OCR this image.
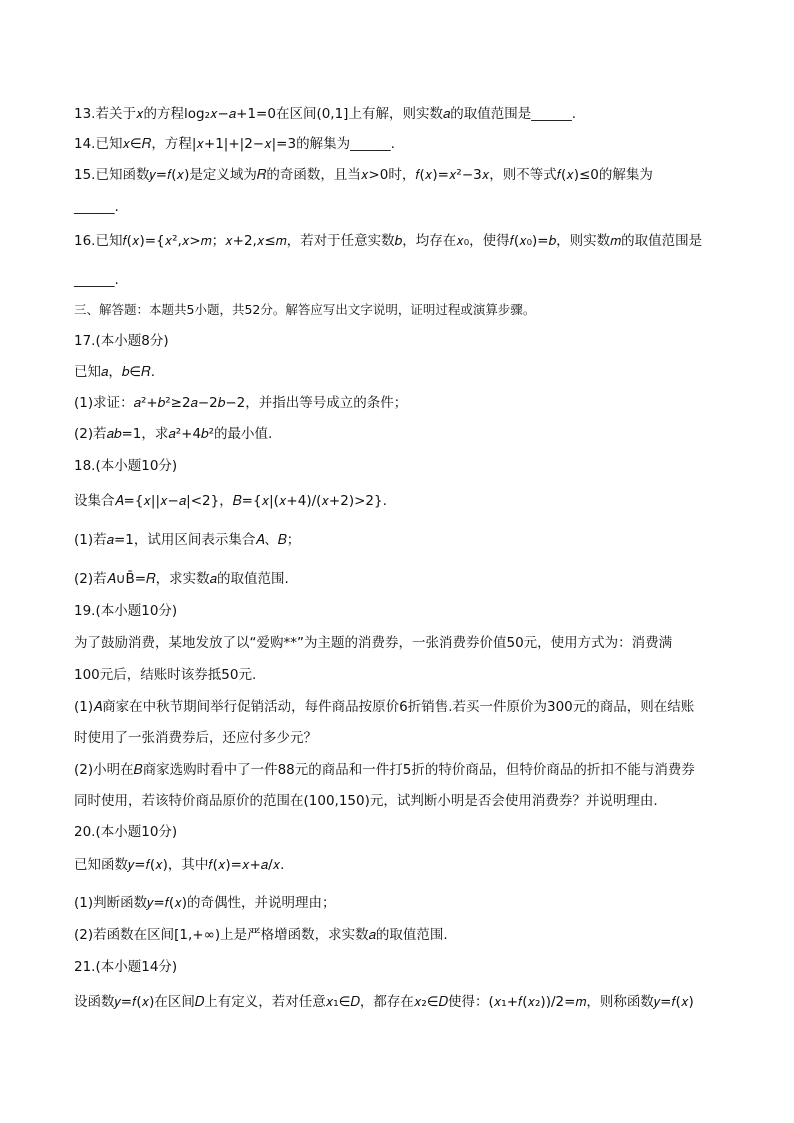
13.若关于𝑥的方程log₂𝑥−𝑎+1=0在区间(0,1]上有解，则实数𝑎的取值范围是______.
14.已知𝑥∈𝑅，方程|𝑥+1|+|2−𝑥|=3的解集为______.
15.已知函数𝑦=𝑓(𝑥)是定义域为𝑅的奇函数，且当𝑥>0时，𝑓(𝑥)=𝑥²−3𝑥，则不等式𝑓(𝑥)≤0的解集为
______.
16.已知𝑓(𝑥)={𝑥²,𝑥>𝑚；𝑥+2,𝑥≤𝑚，若对于任意实数𝑏，均存在𝑥₀，使得𝑓(𝑥₀)=𝑏，则实数𝑚的取值范围是
______.
三、解答题：本题共5小题，共52分。解答应写出文字说明，证明过程或演算步骤。
17.(本小题8分)
已知𝑎，𝑏∈𝑅.
(1)求证：𝑎²+𝑏²≥2𝑎−2𝑏−2，并指出等号成立的条件；
(2)若𝑎𝑏=1，求𝑎²+4𝑏²的最小值.
18.(本小题10分)
设集合𝐴={𝑥||𝑥−𝑎|<2}，𝐵={𝑥|(𝑥+4)/(𝑥+2)>2}.
(1)若𝑎=1，试用区间表示集合𝐴、𝐵；
(2)若𝐴∪B̄=𝑅，求实数𝑎的取值范围.
19.(本小题10分)
为了鼓励消费，某地发放了以“爱购**”为主题的消费券，一张消费券价值50元，使用方式为：消费满
100元后，结账时该券抵50元.
(1)𝐴商家在中秋节期间举行促销活动，每件商品按原价6折销售.若买一件原价为300元的商品，则在结账
时使用了一张消费券后，还应付多少元？
(2)小明在𝐵商家选购时看中了一件88元的商品和一件打5折的特价商品，但特价商品的折扣不能与消费券
同时使用，若该特价商品原价的范围在(100,150)元，试判断小明是否会使用消费券？并说明理由.
20.(本小题10分)
已知函数𝑦=𝑓(𝑥)，其中𝑓(𝑥)=𝑥+𝑎/𝑥.
(1)判断函数𝑦=𝑓(𝑥)的奇偶性，并说明理由；
(2)若函数在区间[1,+∞)上是严格增函数，求实数𝑎的取值范围.
21.(本小题14分)
设函数𝑦=𝑓(𝑥)在区间𝐷上有定义，若对任意𝑥₁∈𝐷，都存在𝑥₂∈𝐷使得：(𝑥₁+𝑓(𝑥₂))/2=𝑚，则称函数𝑦=𝑓(𝑥)
